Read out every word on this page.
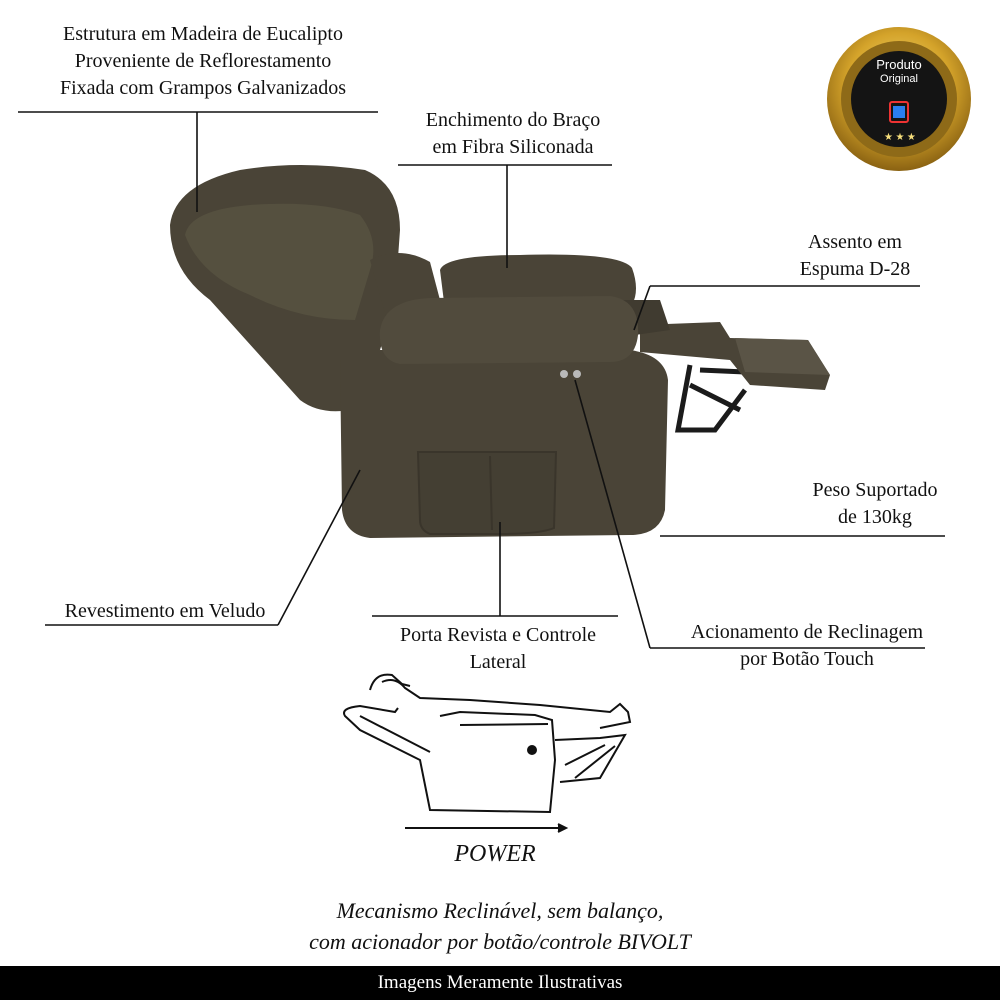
★ ★ ★
Produto
Original
Estrutura em Madeira de Eucalipto
Proveniente de Reflorestamento
Fixada com Grampos Galvanizados
Enchimento do Braço
em Fibra Siliconada
Assento em
Espuma D-28
Peso Suportado
de 130kg
Revestimento em Veludo
Porta Revista e Controle
Lateral
Acionamento de Reclinagem
por Botão Touch
POWER
Mecanismo Reclinável, sem balanço,
com acionador por botão/controle BIVOLT
Imagens Meramente Ilustrativas
